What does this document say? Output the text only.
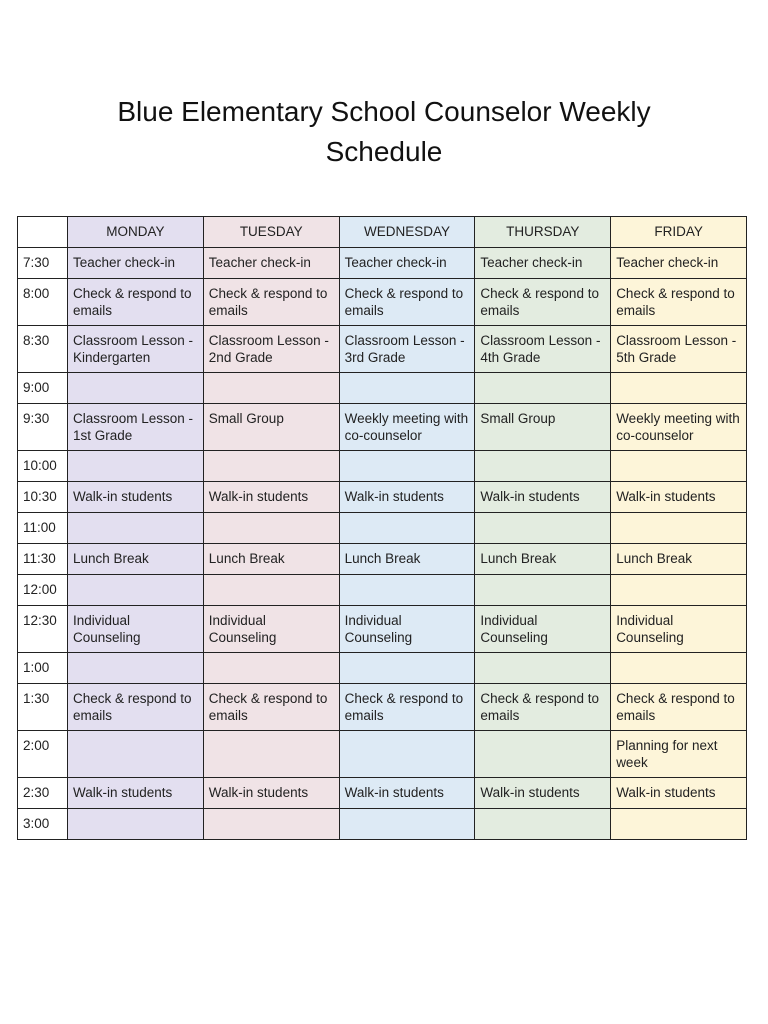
Blue Elementary School Counselor Weekly Schedule
	MONDAY	TUESDAY	WEDNESDAY	THURSDAY	FRIDAY
7:30	Teacher check-in	Teacher check-in	Teacher check-in	Teacher check-in	Teacher check-in
8:00	Check & respond to emails	Check & respond to emails	Check & respond to emails	Check & respond to emails	Check & respond to emails
8:30	Classroom Lesson - Kindergarten	Classroom Lesson - 2nd Grade	Classroom Lesson - 3rd Grade	Classroom Lesson - 4th Grade	Classroom Lesson - 5th Grade
9:00					
9:30	Classroom Lesson - 1st Grade	Small Group	Weekly meeting with co-counselor	Small Group	Weekly meeting with co-counselor
10:00					
10:30	Walk-in students	Walk-in students	Walk-in students	Walk-in students	Walk-in students
11:00					
11:30	Lunch Break	Lunch Break	Lunch Break	Lunch Break	Lunch Break
12:00					
12:30	Individual Counseling	Individual Counseling	Individual Counseling	Individual Counseling	Individual Counseling
1:00					
1:30	Check & respond to emails	Check & respond to emails	Check & respond to emails	Check & respond to emails	Check & respond to emails
2:00					Planning for next week
2:30	Walk-in students	Walk-in students	Walk-in students	Walk-in students	Walk-in students
3:00					
